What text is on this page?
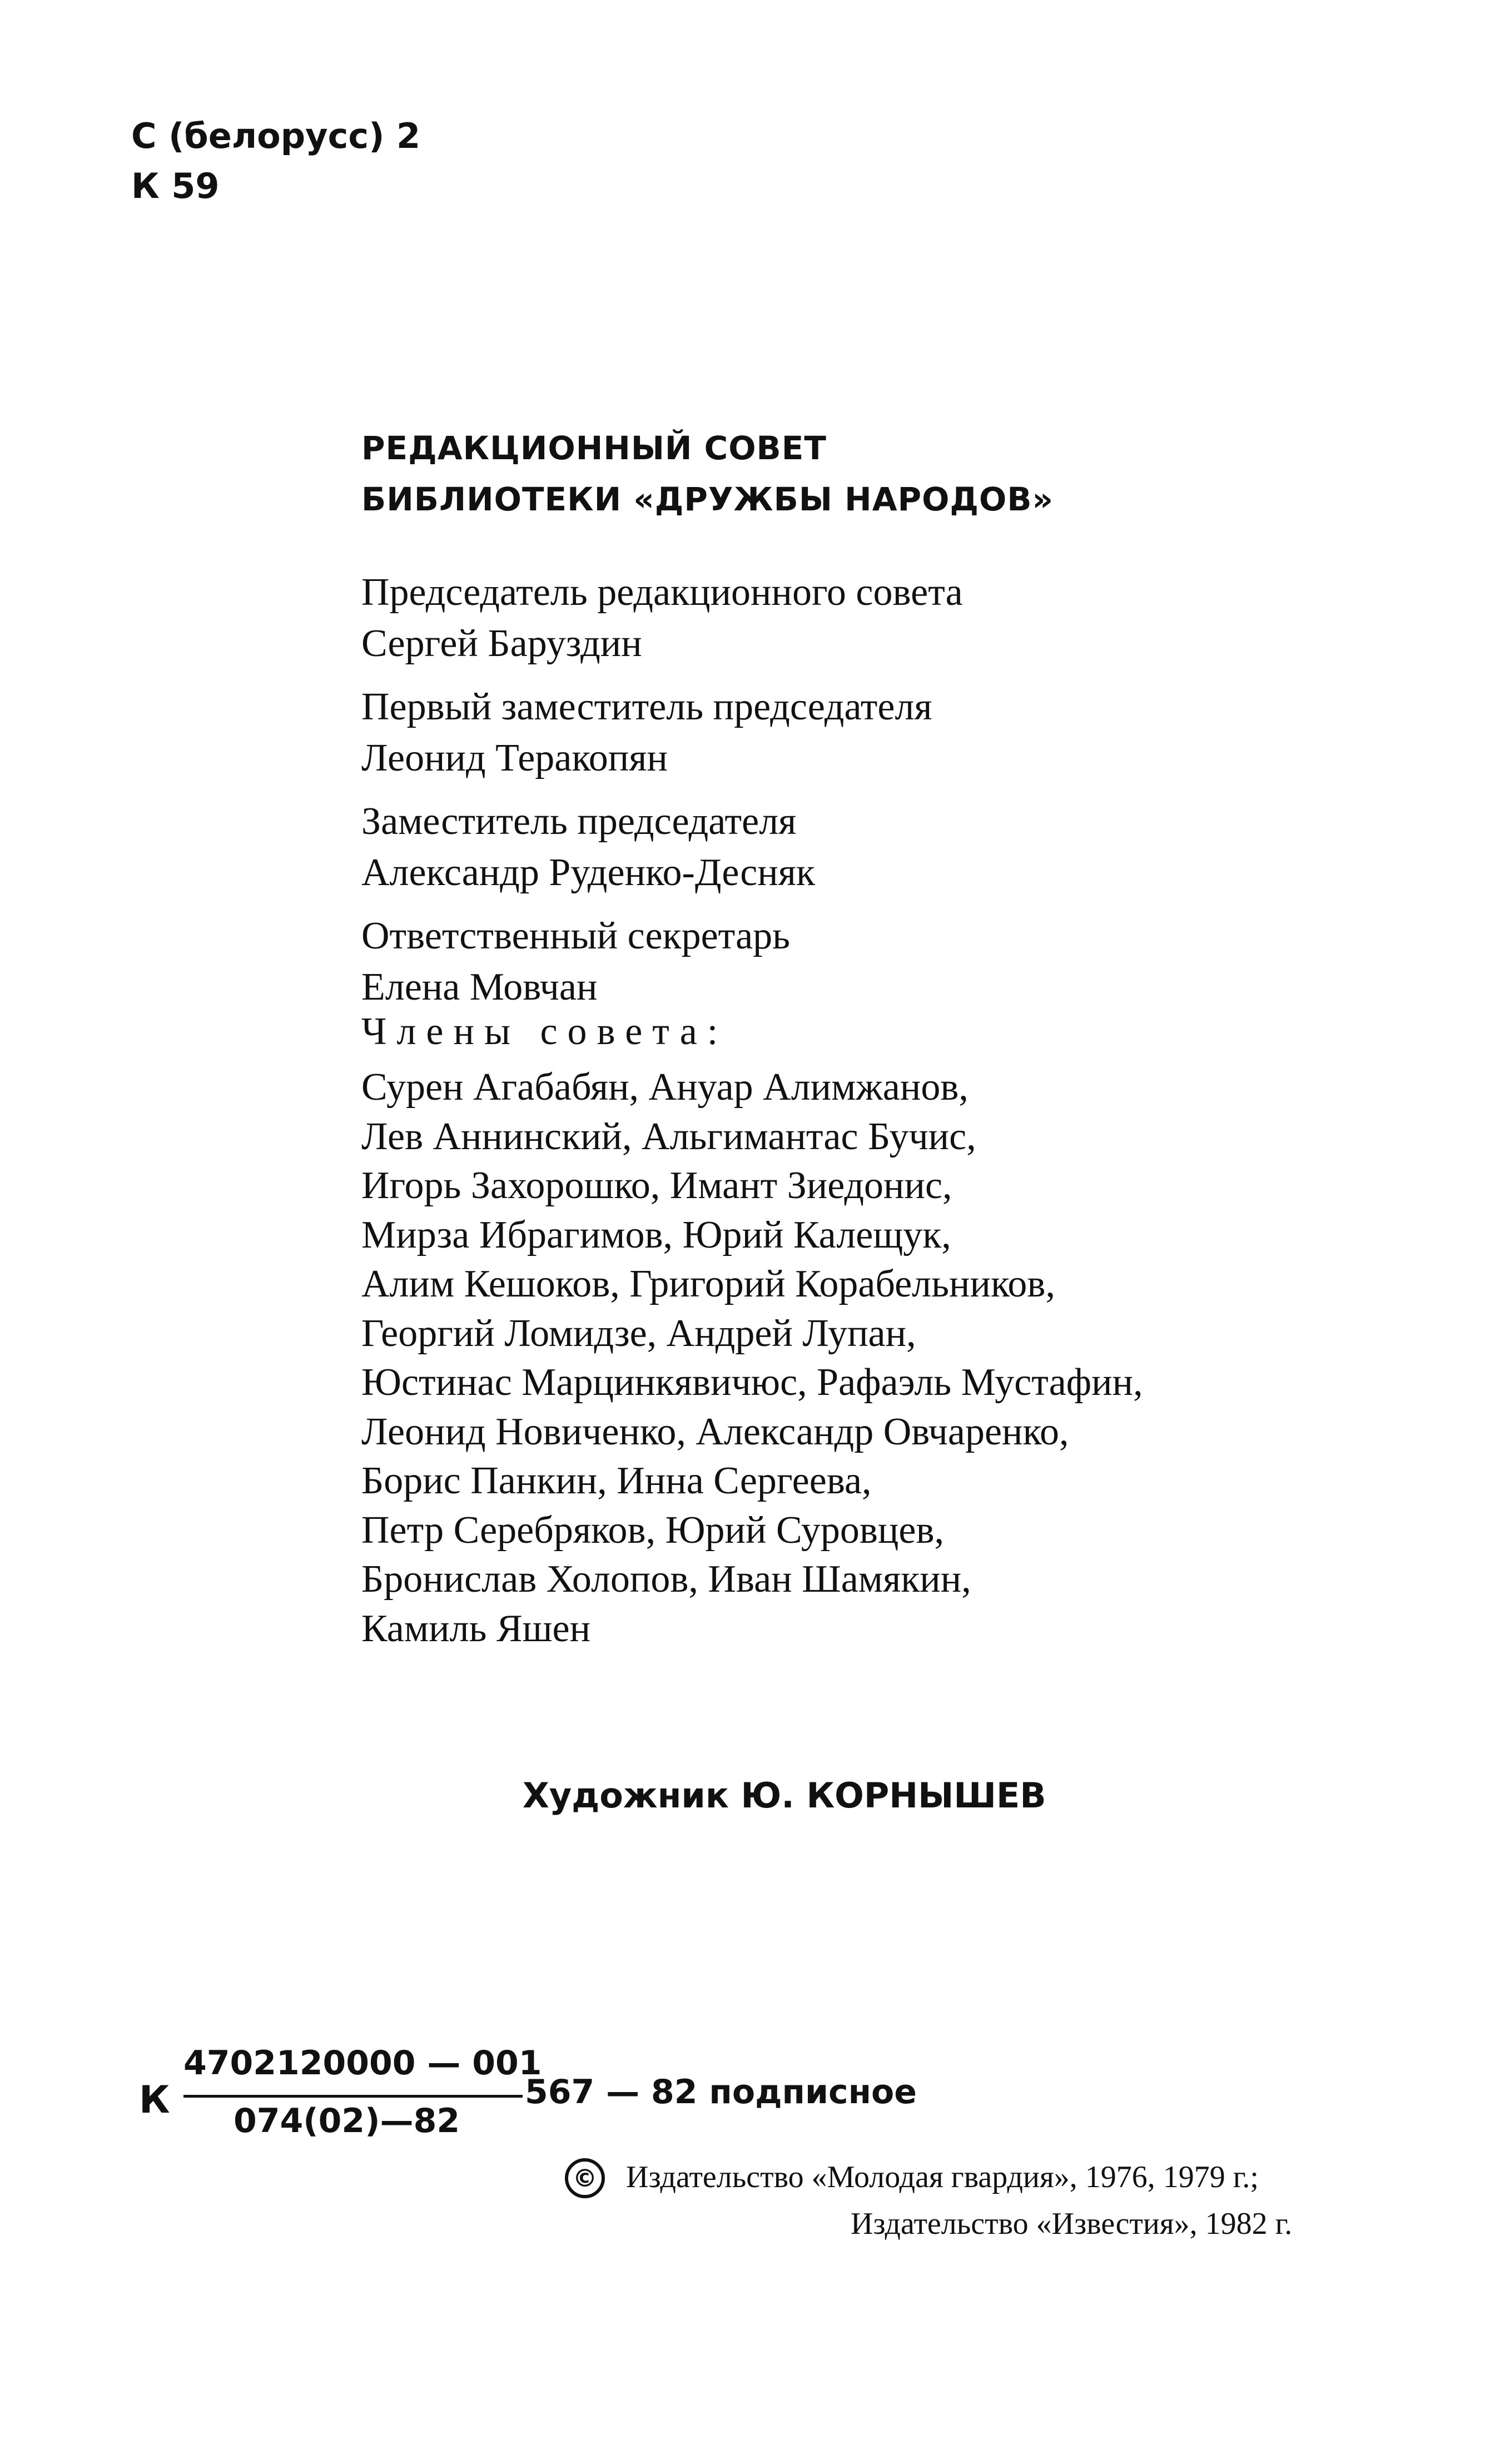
С (белорусс) 2
К 59
РЕДАКЦИОННЫЙ СОВЕТ
БИБЛИОТЕКИ «ДРУЖБЫ НАРОДОВ»
Председатель редакционного совета
Сергей Баруздин
Первый заместитель председателя
Леонид Теракопян
Заместитель председателя
Александр Руденко-Десняк
Ответственный секретарь
Елена Мовчан
Члены совета:
Сурен Агабабян, Ануар Алимжанов,
Лев Аннинский, Альгимантас Бучис,
Игорь Захорошко, Имант Зиедонис,
Мирза Ибрагимов, Юрий Калещук,
Алим Кешоков, Григорий Корабельников,
Георгий Ломидзе, Андрей Лупан,
Юстинас Марцинкявичюс, Рафаэль Мустафин,
Леонид Новиченко, Александр Овчаренко,
Борис Панкин, Инна Сергеева,
Петр Серебряков, Юрий Суровцев,
Бронислав Холопов, Иван Шамякин,
Камиль Яшен
Художник Ю. КОРНЫШЕВ
К
4702120000 — 001
074(02)—82
567 — 82 подписное
© Издательство «Молодая гвардия», 1976, 1979 г.;
Издательство «Известия», 1982 г.
